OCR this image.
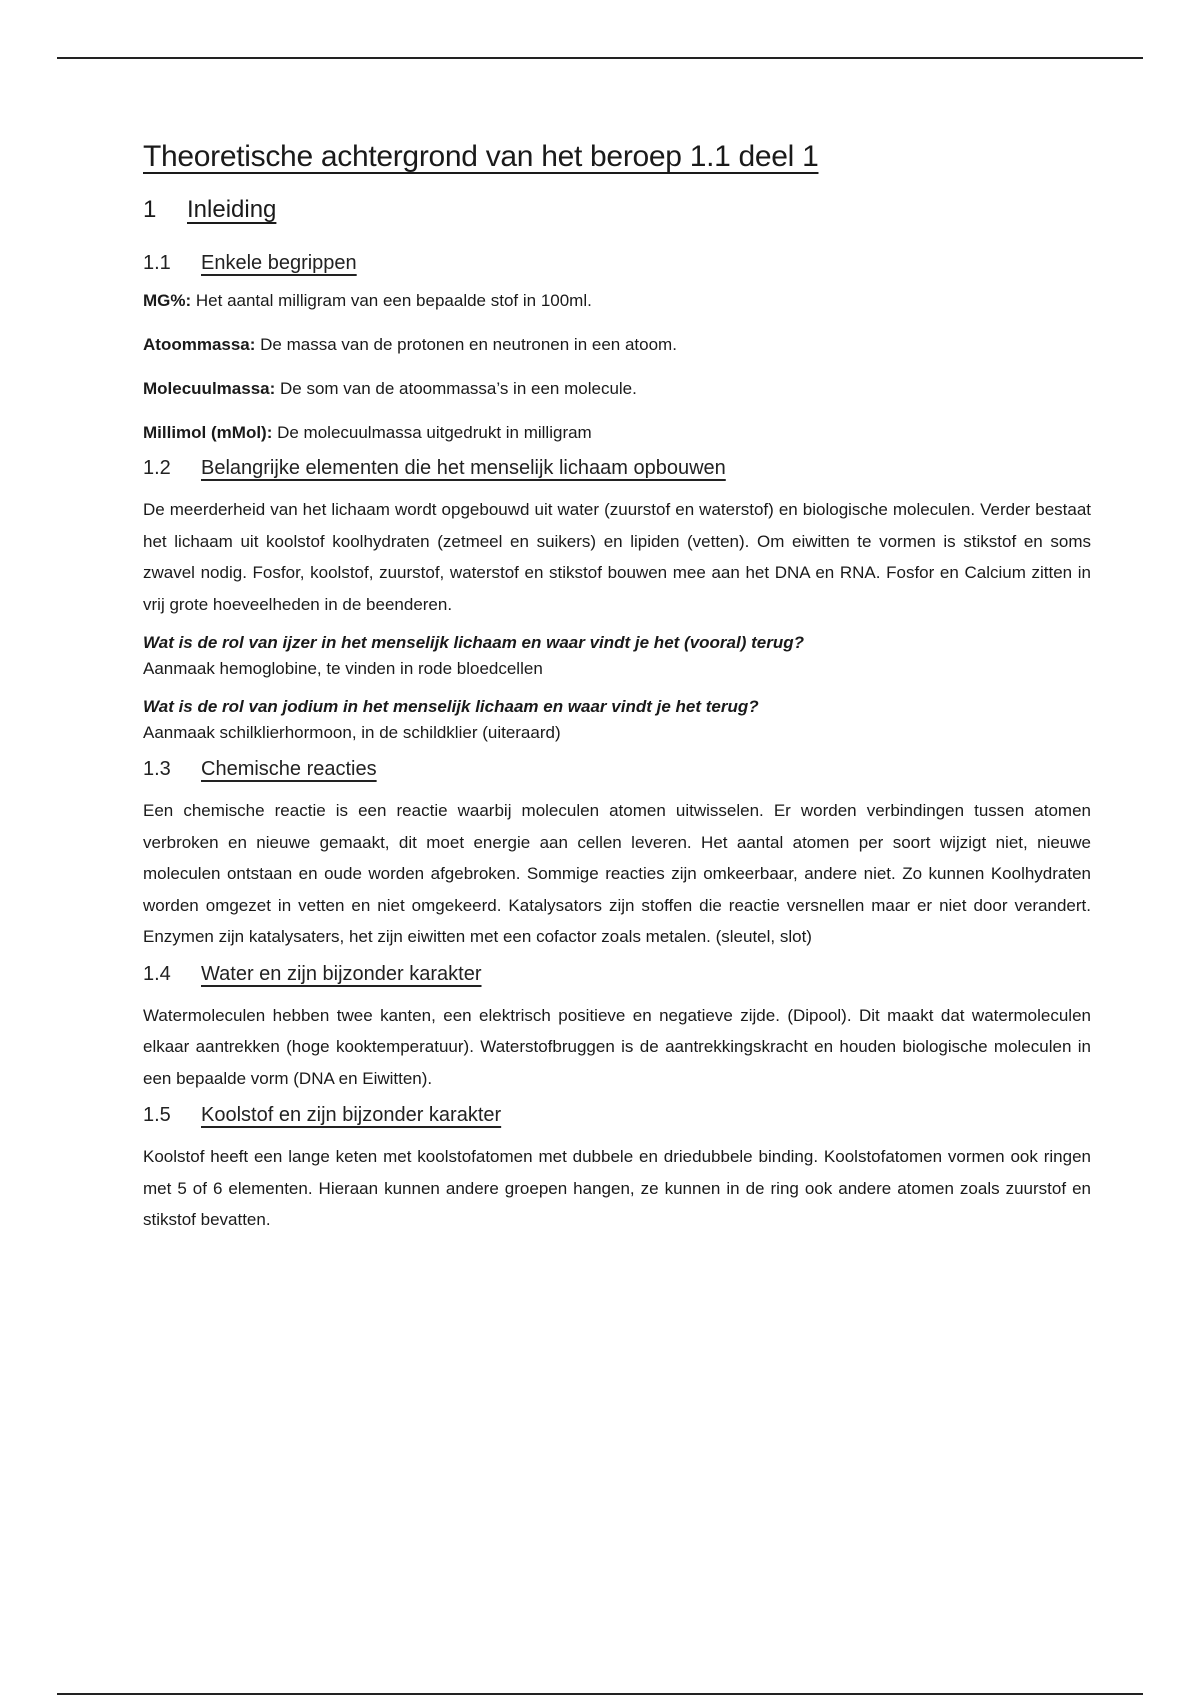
Theoretische achtergrond van het beroep 1.1 deel 1
1	Inleiding
1.1	Enkele begrippen

MG%: Het aantal milligram van een bepaalde stof in 100ml.

Atoommassa: De massa van de protonen en neutronen in een atoom.

Molecuulmassa: De som van de atoommassa’s in een molecule.

Millimol (mMol): De molecuulmassa uitgedrukt in milligram

1.2	Belangrijke elementen die het menselijk lichaam opbouwen

De meerderheid van het lichaam wordt opgebouwd uit water (zuurstof en waterstof) en biologische moleculen. Verder bestaat het lichaam uit koolstof koolhydraten (zetmeel en suikers) en lipiden (vetten). Om eiwitten te vormen is stikstof en soms zwavel nodig. Fosfor, koolstof, zuurstof, waterstof en stikstof bouwen mee aan het DNA en RNA. Fosfor en Calcium zitten in vrij grote hoeveelheden in de beenderen.

Wat is de rol van ijzer in het menselijk lichaam en waar vindt je het (vooral) terug?
Aanmaak hemoglobine, te vinden in rode bloedcellen
Wat is de rol van jodium in het menselijk lichaam en waar vindt je het terug?
Aanmaak schilklierhormoon, in de schildklier (uiteraard)
1.3	Chemische reacties

Een chemische reactie is een reactie waarbij moleculen atomen uitwisselen. Er worden verbindingen tussen atomen verbroken en nieuwe gemaakt, dit moet energie aan cellen leveren. Het aantal atomen per soort wijzigt niet, nieuwe moleculen ontstaan en oude worden afgebroken. Sommige reacties zijn omkeerbaar, andere niet. Zo kunnen Koolhydraten worden omgezet in vetten en niet omgekeerd. Katalysators zijn stoffen die reactie versnellen maar er niet door verandert. Enzymen zijn katalysaters, het zijn eiwitten met een cofactor zoals metalen. (sleutel, slot)

1.4	Water en zijn bijzonder karakter

Watermoleculen hebben twee kanten, een elektrisch positieve en negatieve zijde. (Dipool). Dit maakt dat watermoleculen elkaar aantrekken (hoge kooktemperatuur). Waterstofbruggen is de aantrekkingskracht en houden biologische moleculen in een bepaalde vorm (DNA en Eiwitten).

1.5	Koolstof en zijn bijzonder karakter

Koolstof heeft een lange keten met koolstofatomen met dubbele en driedubbele binding. Koolstofatomen vormen ook ringen met 5 of 6 elementen. Hieraan kunnen andere groepen hangen, ze kunnen in de ring ook andere atomen zoals zuurstof en stikstof bevatten.
